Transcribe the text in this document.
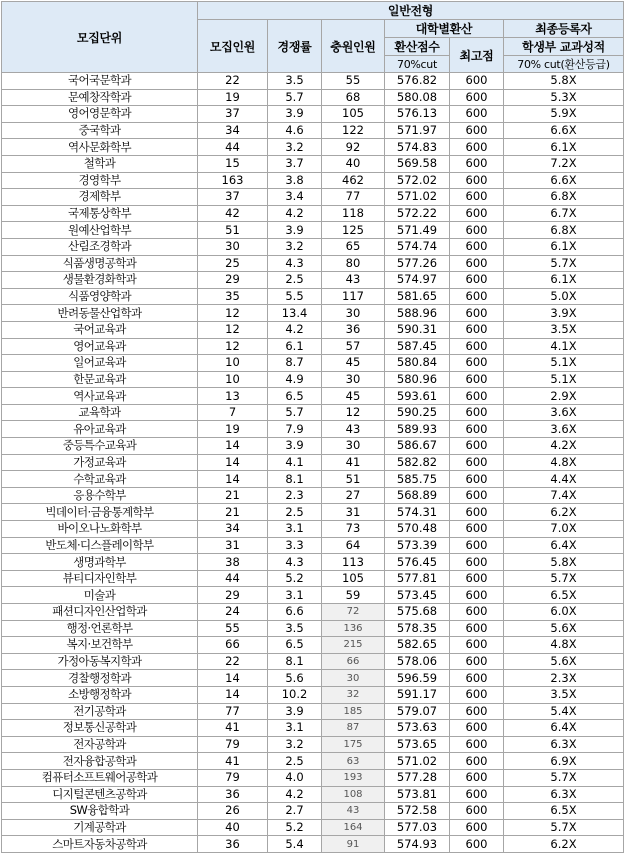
모집단위	일반전형					
	모집인원	경쟁률	충원인원	대학별환산		최종등록자
				환산점수	최고점	학생부 교과성적

				70%cut		70% cut(환산등급)

국어국문학과	22	3.5	55	576.82	600	5.8X
문예창작학과	19	5.7	68	580.08	600	5.3X
영어영문학과	37	3.9	105	576.13	600	5.9X
중국학과	34	4.6	122	571.97	600	6.6X
역사문화학부	44	3.2	92	574.83	600	6.1X
철학과	15	3.7	40	569.58	600	7.2X
경영학부	163	3.8	462	572.02	600	6.6X
경제학부	37	3.4	77	571.02	600	6.8X
국제통상학부	42	4.2	118	572.22	600	6.7X
원예산업학부	51	3.9	125	571.49	600	6.8X
산림조경학과	30	3.2	65	574.74	600	6.1X
식품생명공학과	25	4.3	80	577.26	600	5.7X
생물환경화학과	29	2.5	43	574.97	600	6.1X
식품영양학과	35	5.5	117	581.65	600	5.0X
반려동물산업학과	12	13.4	30	588.96	600	3.9X
국어교육과	12	4.2	36	590.31	600	3.5X
영어교육과	12	6.1	57	587.45	600	4.1X
일어교육과	10	8.7	45	580.84	600	5.1X
한문교육과	10	4.9	30	580.96	600	5.1X
역사교육과	13	6.5	45	593.61	600	2.9X
교육학과	7	5.7	12	590.25	600	3.6X
유아교육과	19	7.9	43	589.93	600	3.6X
중등특수교육과	14	3.9	30	586.67	600	4.2X
가정교육과	14	4.1	41	582.82	600	4.8X
수학교육과	14	8.1	51	585.75	600	4.4X
응용수학부	21	2.3	27	568.89	600	7.4X
빅데이터·금융통계학부	21	2.5	31	574.31	600	6.2X
바이오나노화학부	34	3.1	73	570.48	600	7.0X
반도체·디스플레이학부	31	3.3	64	573.39	600	6.4X
생명과학부	38	4.3	113	576.45	600	5.8X
뷰티디자인학부	44	5.2	105	577.81	600	5.7X
미술과	29	3.1	59	573.45	600	6.5X
패션디자인산업학과	24	6.6	72	575.68	600	6.0X
행정·언론학부	55	3.5	136	578.35	600	5.6X
복지·보건학부	66	6.5	215	582.65	600	4.8X
가정아동복지학과	22	8.1	66	578.06	600	5.6X
경찰행정학과	14	5.6	30	596.59	600	2.3X
소방행정학과	14	10.2	32	591.17	600	3.5X
전기공학과	77	3.9	185	579.07	600	5.4X
정보통신공학과	41	3.1	87	573.63	600	6.4X
전자공학과	79	3.2	175	573.65	600	6.3X
전자융합공학과	41	2.5	63	571.02	600	6.9X
컴퓨터소프트웨어공학과	79	4.0	193	577.28	600	5.7X
디지털콘텐츠공학과	36	4.2	108	573.81	600	6.3X
SW융합학과	26	2.7	43	572.58	600	6.5X
기계공학과	40	5.2	164	577.03	600	5.7X
스마트자동차공학과	36	5.4	91	574.93	600	6.2X
